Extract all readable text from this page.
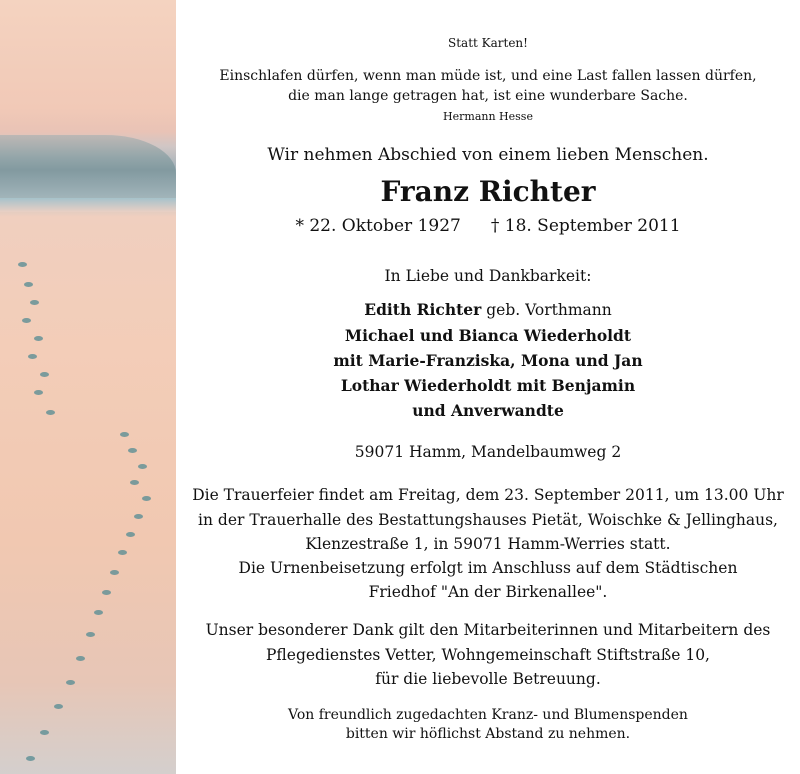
Statt Karten!
Einschlafen dürfen, wenn man müde ist, und eine Last fallen lassen dürfen,
die man lange getragen hat, ist eine wunderbare Sache.
Hermann Hesse
Wir nehmen Abschied von einem lieben Menschen.
Franz Richter
* 22. Oktober 1927 † 18. September 2011
In Liebe und Dankbarkeit:
Edith Richter geb. Vorthmann
Michael und Bianca Wiederholdt
mit Marie-Franziska, Mona und Jan
Lothar Wiederholdt mit Benjamin
und Anverwandte
59071 Hamm, Mandelbaumweg 2
Die Trauerfeier findet am Freitag, dem 23. September 2011, um 13.00 Uhr
in der Trauerhalle des Bestattungshauses Pietät, Woischke & Jellinghaus,
Klenzestraße 1, in 59071 Hamm-Werries statt.
Die Urnenbeisetzung erfolgt im Anschluss auf dem Städtischen
Friedhof "An der Birkenallee".
Unser besonderer Dank gilt den Mitarbeiterinnen und Mitarbeitern des
Pflegedienstes Vetter, Wohngemeinschaft Stiftstraße 10,
für die liebevolle Betreuung.
Von freundlich zugedachten Kranz- und Blumenspenden
bitten wir höflichst Abstand zu nehmen.
